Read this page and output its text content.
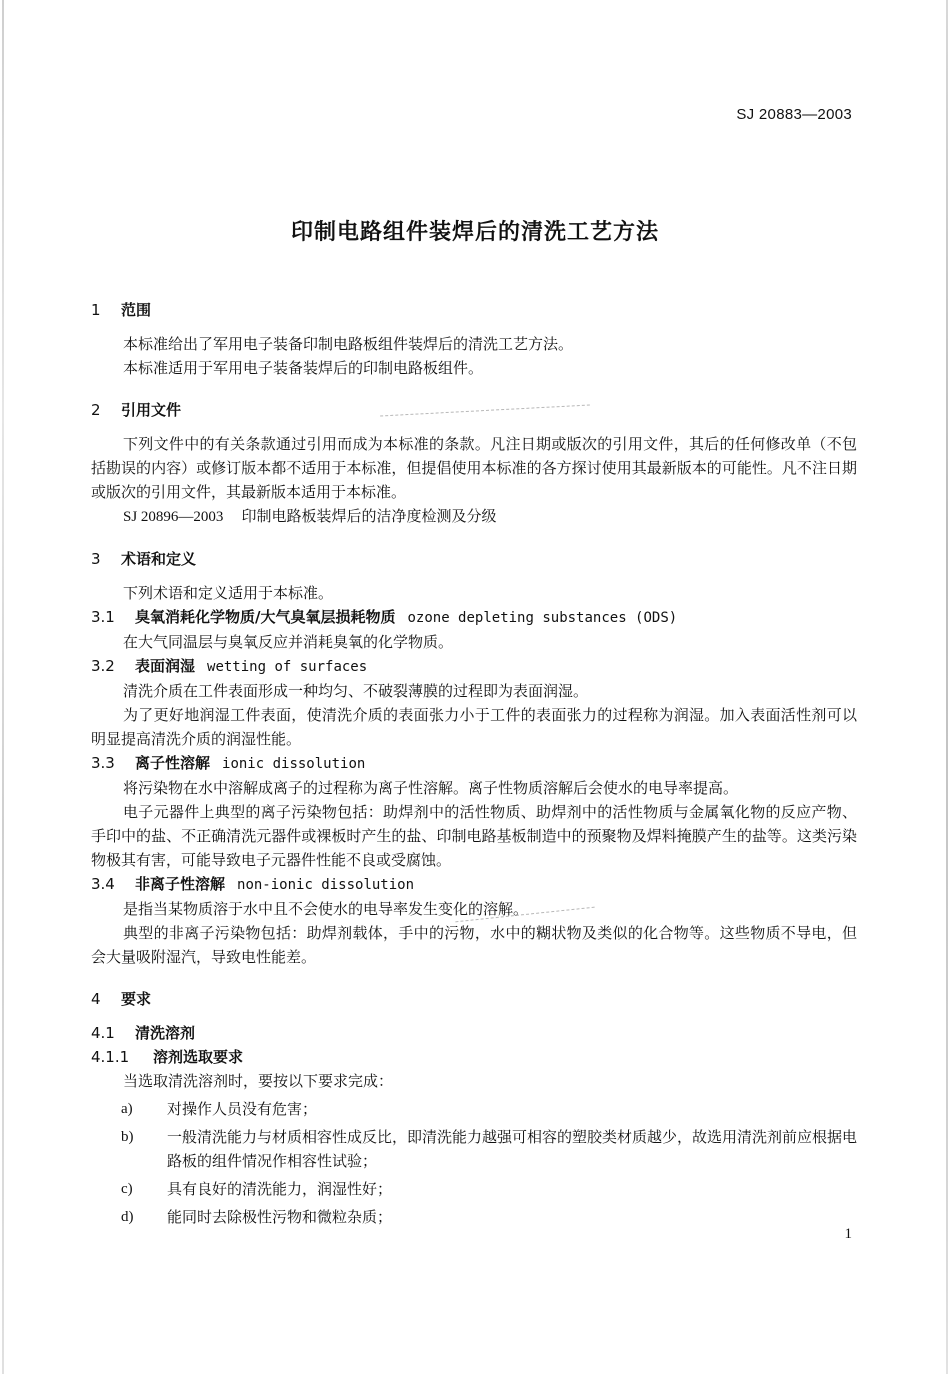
SJ 20883—2003
印制电路组件装焊后的清洗工艺方法
1 范围

本标准给出了军用电子装备印制电路板组件装焊后的清洗工艺方法。

本标准适用于军用电子装备装焊后的印制电路板组件。

2 引用文件

下列文件中的有关条款通过引用而成为本标准的条款。凡注日期或版次的引用文件，其后的任何修改单（不包括勘误的内容）或修订版本都不适用于本标准，但提倡使用本标准的各方探讨使用其最新版本的可能性。凡不注日期或版次的引用文件，其最新版本适用于本标准。

SJ 20896—2003 印制电路板装焊后的洁净度检测及分级

3 术语和定义

下列术语和定义适用于本标准。

3.1 臭氧消耗化学物质/大气臭氧层损耗物质 ozone depleting substances (ODS)

在大气同温层与臭氧反应并消耗臭氧的化学物质。

3.2 表面润湿 wetting of surfaces

清洗介质在工件表面形成一种均匀、不破裂薄膜的过程即为表面润湿。

为了更好地润湿工件表面，使清洗介质的表面张力小于工件的表面张力的过程称为润湿。加入表面活性剂可以明显提高清洗介质的润湿性能。

3.3 离子性溶解 ionic dissolution

将污染物在水中溶解成离子的过程称为离子性溶解。离子性物质溶解后会使水的电导率提高。

电子元器件上典型的离子污染物包括：助焊剂中的活性物质、助焊剂中的活性物质与金属氧化物的反应产物、手印中的盐、不正确清洗元器件或裸板时产生的盐、印制电路基板制造中的预聚物及焊料掩膜产生的盐等。这类污染物极其有害，可能导致电子元器件性能不良或受腐蚀。

3.4 非离子性溶解 non-ionic dissolution

是指当某物质溶于水中且不会使水的电导率发生变化的溶解。

典型的非离子污染物包括：助焊剂载体，手中的污物，水中的糊状物及类似的化合物等。这些物质不导电，但会大量吸附湿汽，导致电性能差。

4 要求
4.1 清洗溶剂
4.1.1 溶剂选取要求

当选取清洗溶剂时，要按以下要求完成：

a)	对操作人员没有危害；
b)	一般清洗能力与材质相容性成反比，即清洗能力越强可相容的塑胶类材质越少，故选用清洗剂前应根据电路板的组件情况作相容性试验；
c)	具有良好的清洗能力，润湿性好；
d)	能同时去除极性污物和微粒杂质；
1
